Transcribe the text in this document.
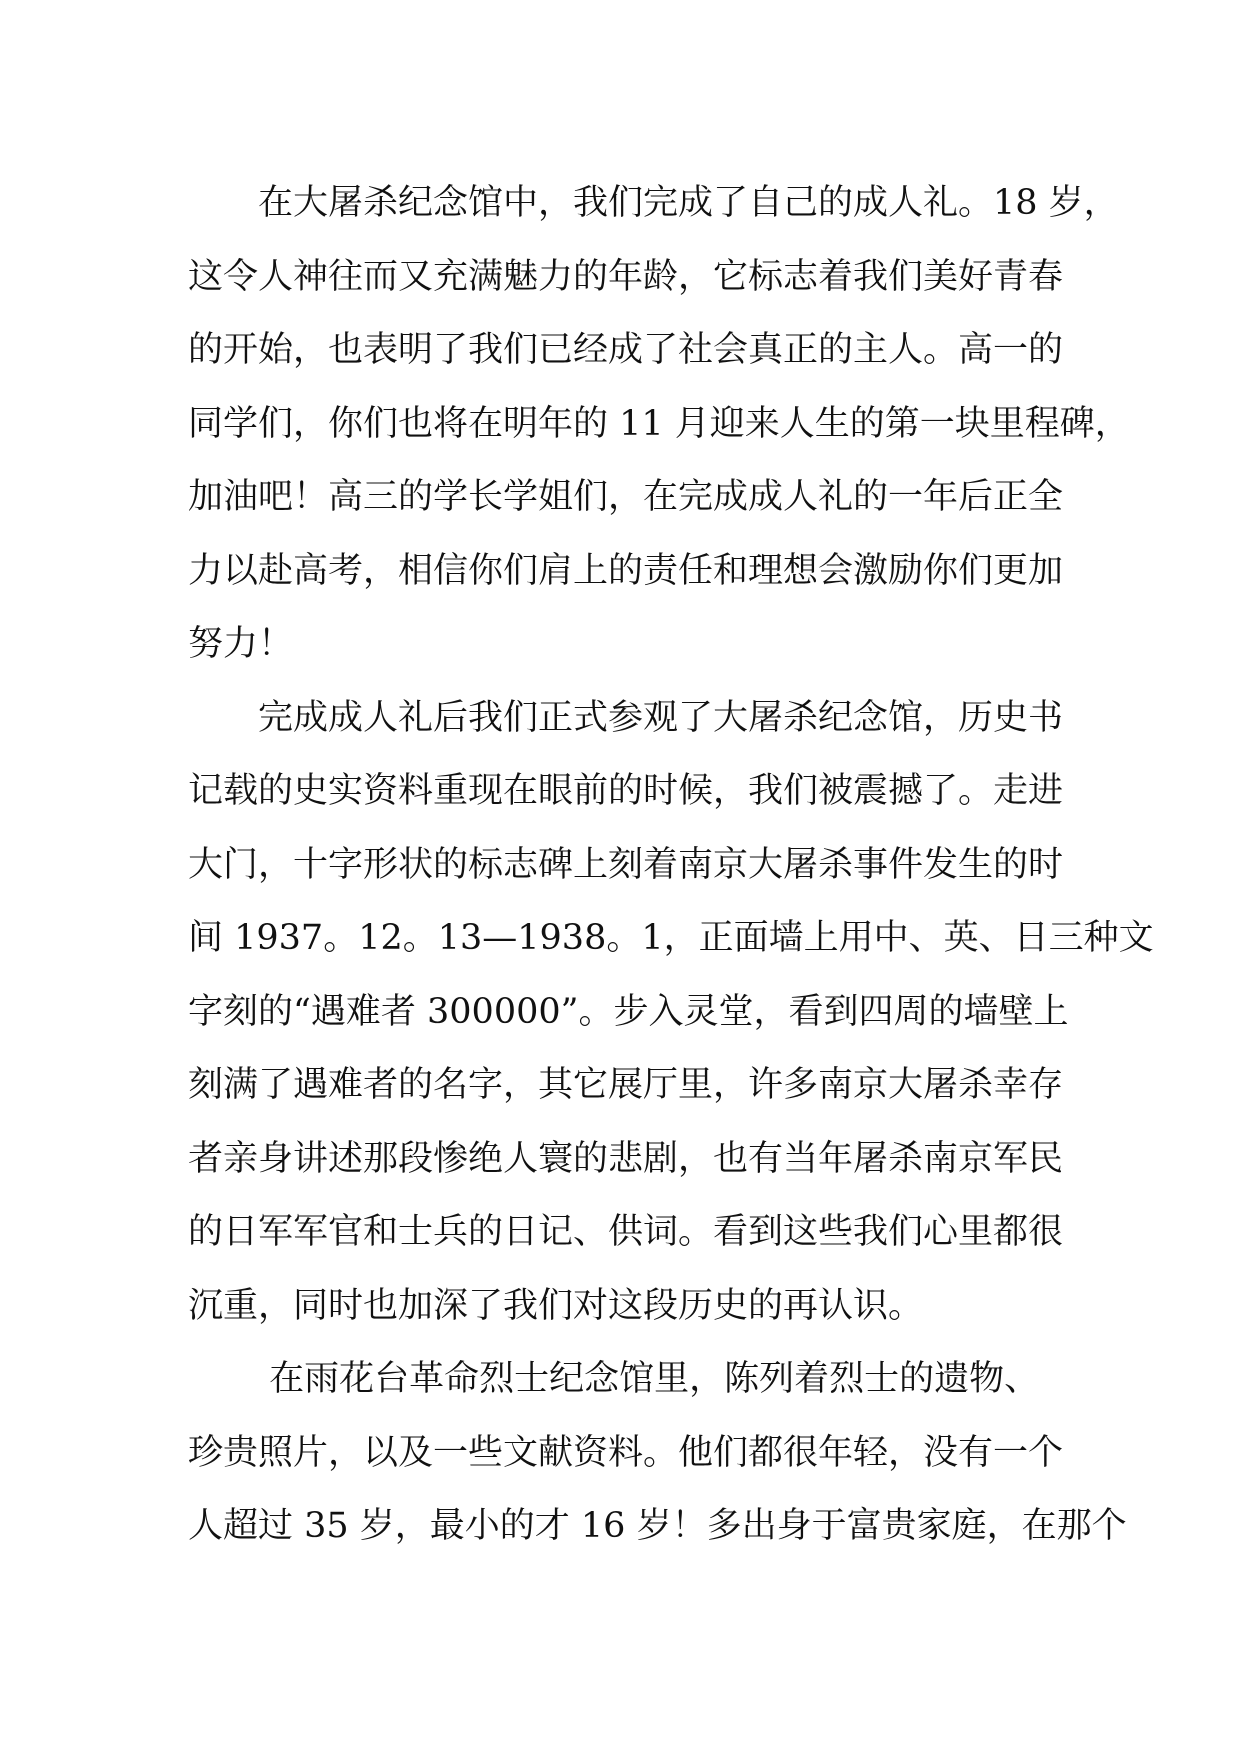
　　在大屠杀纪念馆中，我们完成了自己的成人礼。18 岁，
这令人神往而又充满魅力的年龄，它标志着我们美好青春
的开始，也表明了我们已经成了社会真正的主人。高一的
同学们，你们也将在明年的 11 月迎来人生的第一块里程碑，
加油吧！高三的学长学姐们，在完成成人礼的一年后正全
力以赴高考，相信你们肩上的责任和理想会激励你们更加
努力！
　　完成成人礼后我们正式参观了大屠杀纪念馆，历史书
记载的史实资料重现在眼前的时候，我们被震撼了。走进
大门，十字形状的标志碑上刻着南京大屠杀事件发生的时
间 1937。12。13—1938。1，正面墙上用中、英、日三种文
字刻的“遇难者 300000”。步入灵堂，看到四周的墙壁上
刻满了遇难者的名字，其它展厅里，许多南京大屠杀幸存
者亲身讲述那段惨绝人寰的悲剧，也有当年屠杀南京军民
的日军军官和士兵的日记、供词。看到这些我们心里都很
沉重，同时也加深了我们对这段历史的再认识。
　　 在雨花台革命烈士纪念馆里，陈列着烈士的遗物、
珍贵照片，以及一些文献资料。他们都很年轻，没有一个
人超过 35 岁，最小的才 16 岁！多出身于富贵家庭，在那个
